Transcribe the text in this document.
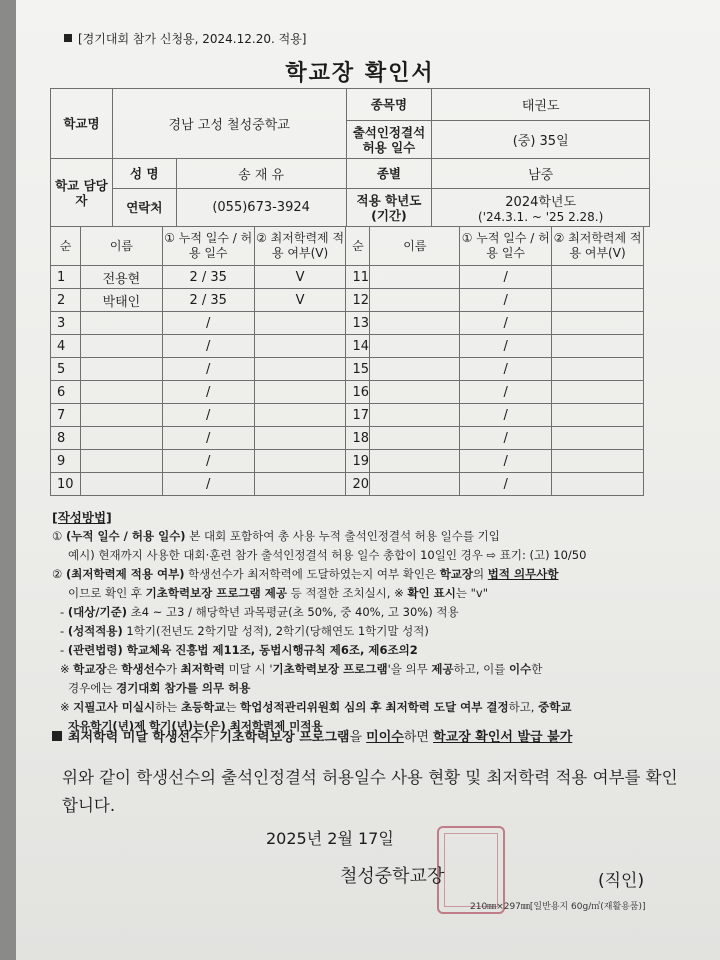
[경기대회 참가 신청용, 2024.12.20. 적용]
학교장 확인서
학교명	경남 고성 철성중학교		종목명	태권도
			출석인정결석 허용 일수	(중) 35일
학교 담당자	성 명	송 재 유	종별	남중
	연락처	(055)673-3924	적용 학년도 (기간)	2024학년도
('24.3.1. ~ '25 2.28.)
순	이름	① 누적 일수 / 허용 일수	② 최저학력제 적용 여부(V)	순	이름	① 누적 일수 / 허용 일수	② 최저학력제 적용 여부(V)
1	전용현	2 / 35	V	11		/	
2	박태인	2 / 35	V	12		/	
3		/		13		/	
4		/		14		/	
5		/		15		/	
6		/		16		/	
7		/		17		/	
8		/		18		/	
9		/		19		/	
10		/		20		/	
[작성방법]
① (누적 일수 / 허용 일수) 본 대회 포함하여 총 사용 누적 출석인정결석 허용 일수를 기입
예시) 현재까지 사용한 대회·훈련 참가 출석인정결석 허용 일수 총합이 10일인 경우 ⇨ 표기: (고) 10/50
② (최저학력제 적용 여부) 학생선수가 최저학력에 도달하였는지 여부 확인은 학교장의 법적 의무사항
이므로 확인 후 기초학력보장 프로그램 제공 등 적절한 조치실시, ※ 확인 표시는 "v"
- (대상/기준) 초4 ~ 고3 / 해당학년 과목평균(초 50%, 중 40%, 고 30%) 적용
- (성적적용) 1학기(전년도 2학기말 성적), 2학기(당해연도 1학기말 성적)
- (관련법령) 학교체육 진흥법 제11조, 동법시행규칙 제6조, 제6조의2
※ 학교장은 학생선수가 최저학력 미달 시 '기초학력보장 프로그램'을 의무 제공하고, 이를 이수한
경우에는 경기대회 참가를 의무 허용
※ 지필고사 미실시하는 초등학교는 학업성적관리위원회 심의 후 최저학력 도달 여부 결정하고, 중학교
자유학기(년)제 학기(년)는(은) 최저학력제 미적용
최저학력 미달 학생선수가 기초학력보장 프로그램을 미이수하면 학교장 확인서 발급 불가
위와 같이 학생선수의 출석인정결석 허용일수 사용 현황 및 최저학력 적용 여부를 확인합니다.
2025년 2월 17일
철성중학교장	(직인)
210㎜×297㎜[일반용지 60g/㎡(재활용품)]
